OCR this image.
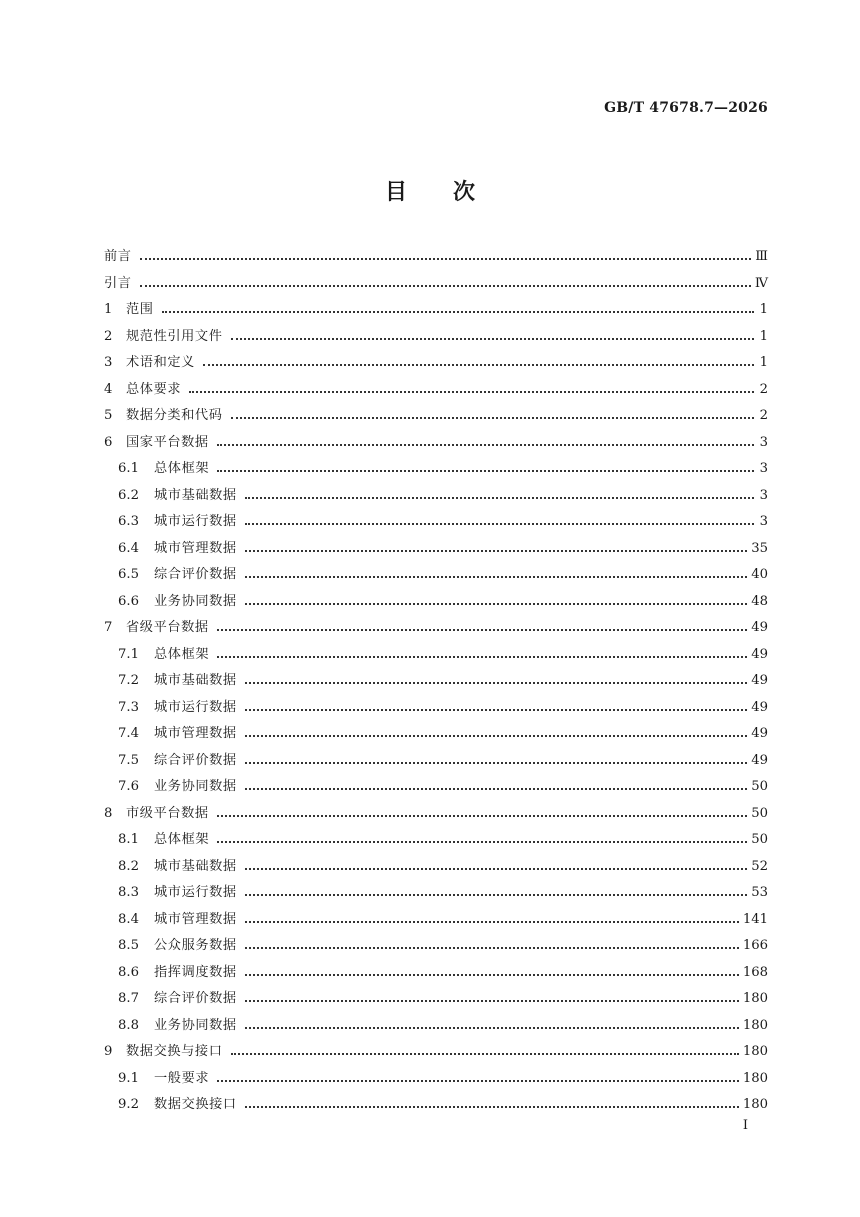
GB/T 47678.7—2026
目 次
前言	Ⅲ
引言	Ⅳ
1	范围	1
2	规范性引用文件	1
3	术语和定义	1
4	总体要求	2
5	数据分类和代码	2
6	国家平台数据	3
6.1	总体框架	3
6.2	城市基础数据	3
6.3	城市运行数据	3
6.4	城市管理数据	35
6.5	综合评价数据	40
6.6	业务协同数据	48
7	省级平台数据	49
7.1	总体框架	49
7.2	城市基础数据	49
7.3	城市运行数据	49
7.4	城市管理数据	49
7.5	综合评价数据	49
7.6	业务协同数据	50
8	市级平台数据	50
8.1	总体框架	50
8.2	城市基础数据	52
8.3	城市运行数据	53
8.4	城市管理数据	141
8.5	公众服务数据	166
8.6	指挥调度数据	168
8.7	综合评价数据	180
8.8	业务协同数据	180
9	数据交换与接口	180
9.1	一般要求	180
9.2	数据交换接口	180
I
